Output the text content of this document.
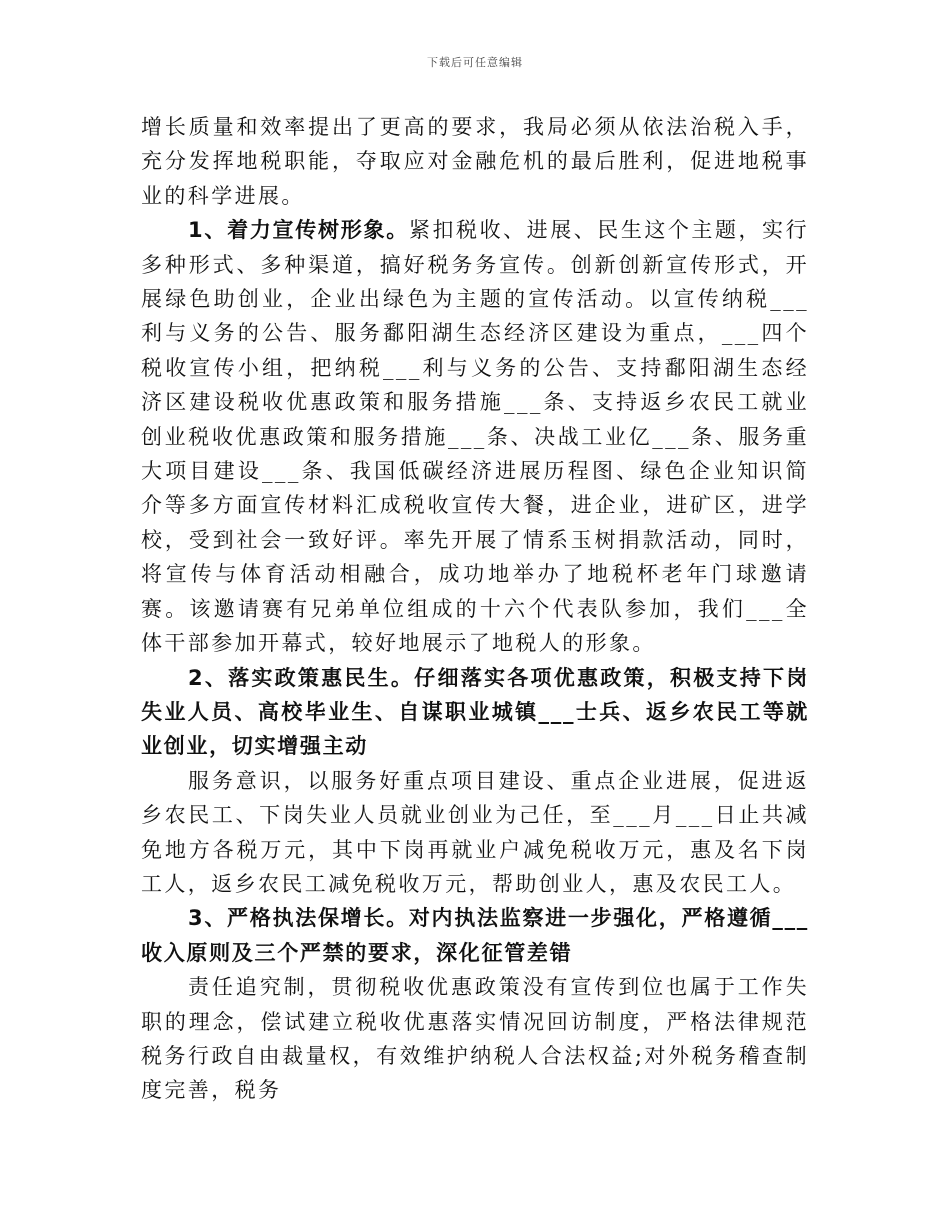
下载后可任意编辑

增长质量和效率提出了更高的要求，我局必须从依法治税入手，充分发挥地税职能，夺取应对金融危机的最后胜利，促进地税事业的科学进展。

1、着力宣传树形象。紧扣税收、进展、民生这个主题，实行多种形式、多种渠道，搞好税务务宣传。创新创新宣传形式，开展绿色助创业，企业出绿色为主题的宣传活动。以宣传纳税___利与义务的公告、服务鄱阳湖生态经济区建设为重点，___四个税收宣传小组，把纳税___利与义务的公告、支持鄱阳湖生态经济区建设税收优惠政策和服务措施___条、支持返乡农民工就业创业税收优惠政策和服务措施___条、决战工业亿___条、服务重大项目建设___条、我国低碳经济进展历程图、绿色企业知识简介等多方面宣传材料汇成税收宣传大餐，进企业，进矿区，进学校，受到社会一致好评。率先开展了情系玉树捐款活动，同时，将宣传与体育活动相融合，成功地举办了地税杯老年门球邀请赛。该邀请赛有兄弟单位组成的十六个代表队参加，我们___全体干部参加开幕式，较好地展示了地税人的形象。

2、落实政策惠民生。仔细落实各项优惠政策，积极支持下岗失业人员、高校毕业生、自谋职业城镇___士兵、返乡农民工等就业创业，切实增强主动

服务意识，以服务好重点项目建设、重点企业进展，促进返乡农民工、下岗失业人员就业创业为己任，至___月___日止共减免地方各税万元，其中下岗再就业户减免税收万元，惠及名下岗工人，返乡农民工减免税收万元，帮助创业人，惠及农民工人。

3、严格执法保增长。对内执法监察进一步强化，严格遵循___收入原则及三个严禁的要求，深化征管差错

责任追究制，贯彻税收优惠政策没有宣传到位也属于工作失职的理念，偿试建立税收优惠落实情况回访制度，严格法律规范税务行政自由裁量权，有效维护纳税人合法权益;对外税务稽查制度完善，税务
